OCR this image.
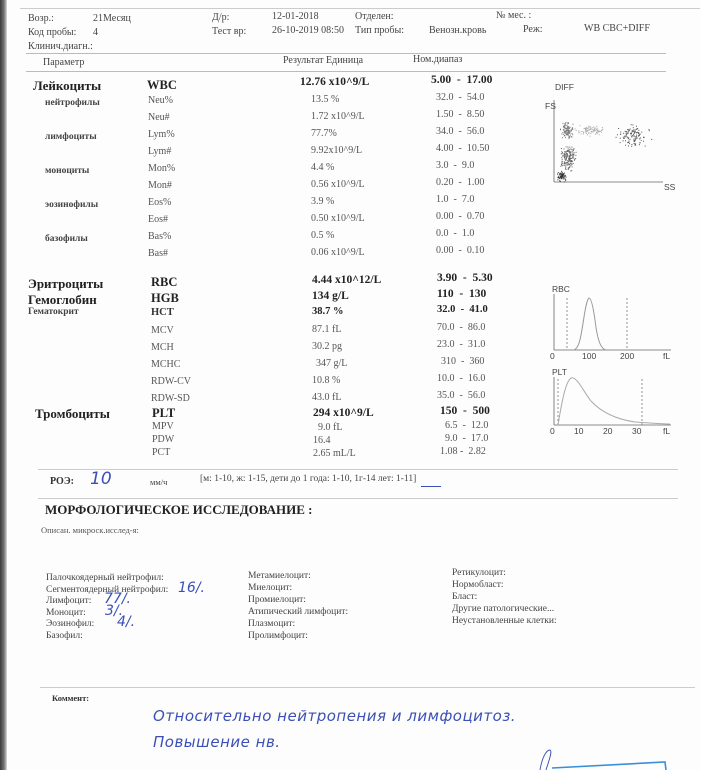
Возр.:	21Месяц	Д/р:	12-01-2018	Отделен:	№ мес. :
Код пробы: 4	Тест вр:	26-10-2019 08:50 Тип пробы:	Венозн.кровь	Реж:	WB CBC+DIFF
Клинич.диагн.:
Параметр	Результат Единица	Ном.диапаз
Лейкоциты	WBC	12.76 x10^9/L	5.00  -  17.00
нейтрофилы	Neu%	13.5 %	32.0  -  54.0
Neu#	1.72 x10^9/L	1.50  -  8.50
лимфоциты	Lym%	77.7%	34.0  -  56.0
Lym#	9.92x10^9/L	4.00  -  10.50
моноциты	Mon%	4.4 %	3.0  -  9.0
Mon#	0.56 x10^9/L	0.20  -  1.00
эозинофилы	Eos%	3.9 %	1.0  -  7.0
Eos#	0.50 x10^9/L	0.00  -  0.70
базофилы	Bas%	0.5 %	0.0  -  1.0
Bas#	0.06 x10^9/L	0.00  -  0.10
DIFF
FS
SS
Эритроциты	RBC	4.44 x10^12/L	3.90  -  5.30
Гемоглобин	HGB	134 g/L	110  -  130
Гематокрит	HCT	38.7 %	32.0  -  41.0
MCV	87.1 fL	70.0  -  86.0
MCH	30.2 pg	23.0  -  31.0
MCHC	347 g/L	310  -  360
RDW-CV	10.8 %	10.0  -  16.0
RDW-SD	43.0 fL	35.0  -  56.0
Тромбоциты	PLT	294 x10^9/L	150  -  500
MPV	9.0 fL	6.5  -  12.0
PDW	16.4	9.0  -  17.0
PCT	2.65 mL/L	1.08 -  2.82
RBC
0	100	200	fL
PLT
0 10 20 30	fL
РОЭ: 10	мм/ч	[м: 1-10, ж: 1-15, дети до 1 года: 1-10, 1г-14 лет: 1-11]
МОРФОЛОГИЧЕСКОЕ ИССЛЕДОВАНИЕ :
Описан. микроск.исслед-я:
Палочкоядерный нейтрофил:
Сегментоядерный нейтрофил: 16/.
Лимфоцит: 77/.
Моноцит: 3/.
Эозинофил: 4/.
Базофил:
Метамиелоцит:
Миелоцит:
Промиелоцит:
Атипический лимфоцит:
Плазмоцит:
Пролимфоцит:
Ретикулоцит:
Нормобласт:
Бласт:
Другие патологические...
Неустановленные клетки:
Коммент:
Относительно нейтропения и лимфоцитоз.
Повышение нв.
